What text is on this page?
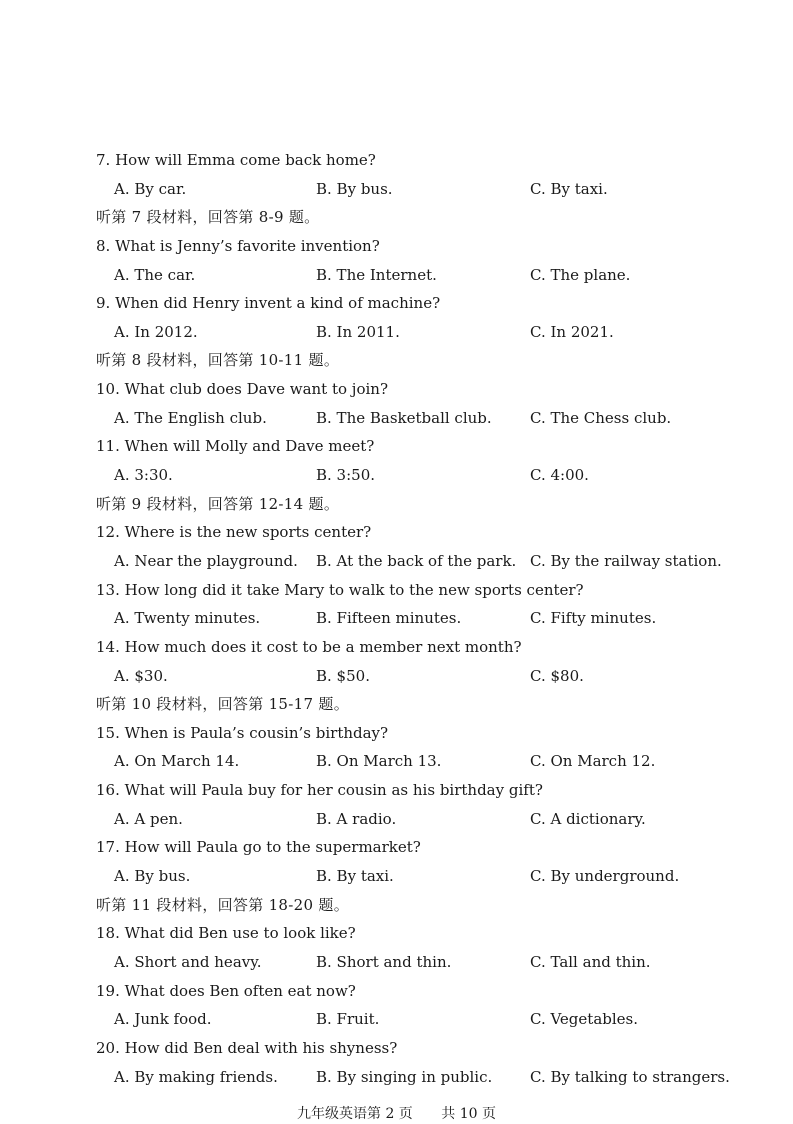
7. How will Emma come back home?
A. By car.	B. By bus.	C. By taxi.
听第 7 段材料，回答第 8-9 题。
8. What is Jenny’s favorite invention?
A. The car.	B. The Internet.	C. The plane.
9. When did Henry invent a kind of machine?
A. In 2012.	B. In 2011.	C. In 2021.
听第 8 段材料，回答第 10-11 题。
10. What club does Dave want to join?
A. The English club.	B. The Basketball club.	C. The Chess club.
11. When will Molly and Dave meet?
A. 3:30.	B. 3:50.	C. 4:00.
听第 9 段材料，回答第 12-14 题。
12. Where is the new sports center?
A. Near the playground. B. At the back of the park. C. By the railway station.
13. How long did it take Mary to walk to the new sports center?
A. Twenty minutes.	B. Fifteen minutes.	C. Fifty minutes.
14. How much does it cost to be a member next month?
A. $30.	B. $50.	C. $80.
听第 10 段材料，回答第 15-17 题。
15. When is Paula’s cousin’s birthday?
A. On March 14.	B. On March 13.	C. On March 12.
16. What will Paula buy for her cousin as his birthday gift?
A. A pen.	B. A radio.	C. A dictionary.
17. How will Paula go to the supermarket?
A. By bus.	B. By taxi.	C. By underground.
听第 11 段材料，回答第 18-20 题。
18. What did Ben use to look like?
A. Short and heavy.	B. Short and thin.	C. Tall and thin.
19. What does Ben often eat now?
A. Junk food.	B. Fruit.	C. Vegetables.
20. How did Ben deal with his shyness?
A. By making friends.	B. By singing in public.	C. By talking to strangers.
九年级英语第 2 页 共 10 页
